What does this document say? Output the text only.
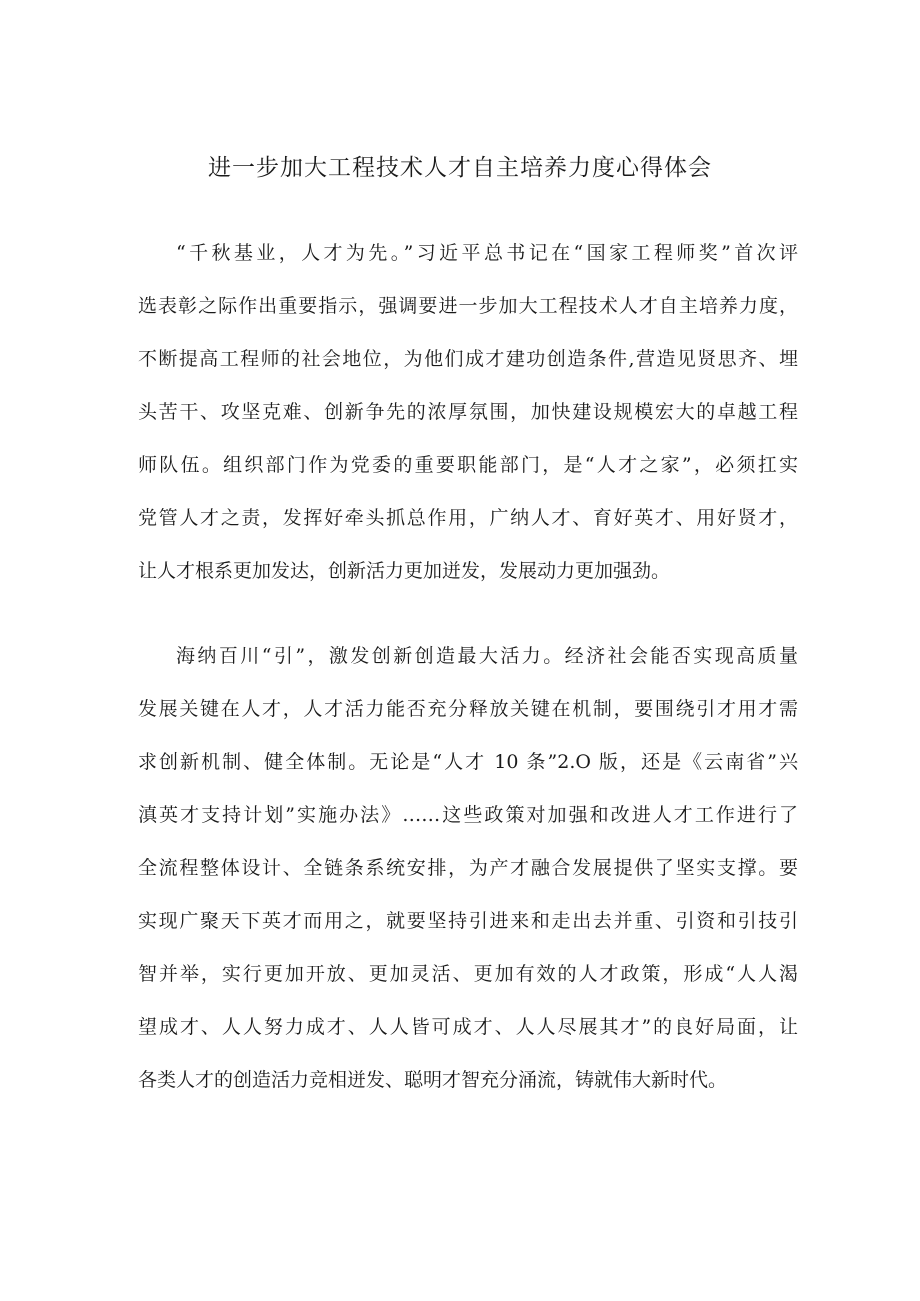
进一步加大工程技术人才自主培养力度心得体会
“千秋基业，人才为先。”习近平总书记在“国家工程师奖”首次评
选表彰之际作出重要指示，强调要进一步加大工程技术人才自主培养力度，
不断提高工程师的社会地位，为他们成才建功创造条件,营造见贤思齐、埋
头苦干、攻坚克难、创新争先的浓厚氛围，加快建设规模宏大的卓越工程
师队伍。组织部门作为党委的重要职能部门，是“人才之家”，必须扛实
党管人才之责，发挥好牵头抓总作用，广纳人才、育好英才、用好贤才，
让人才根系更加发达，创新活力更加迸发，发展动力更加强劲。
海纳百川“引”，激发创新创造最大活力。经济社会能否实现高质量
发展关键在人才，人才活力能否充分释放关键在机制，要围绕引才用才需
求创新机制、健全体制。无论是“人才 10 条”2.O 版，还是《云南省”兴
滇英才支持计划”实施办法》……这些政策对加强和改进人才工作进行了
全流程整体设计、全链条系统安排，为产才融合发展提供了坚实支撑。要
实现广聚天下英才而用之，就要坚持引进来和走出去并重、引资和引技引
智并举，实行更加开放、更加灵活、更加有效的人才政策，形成“人人渴
望成才、人人努力成才、人人皆可成才、人人尽展其才”的良好局面，让
各类人才的创造活力竞相迸发、聪明才智充分涌流，铸就伟大新时代。
